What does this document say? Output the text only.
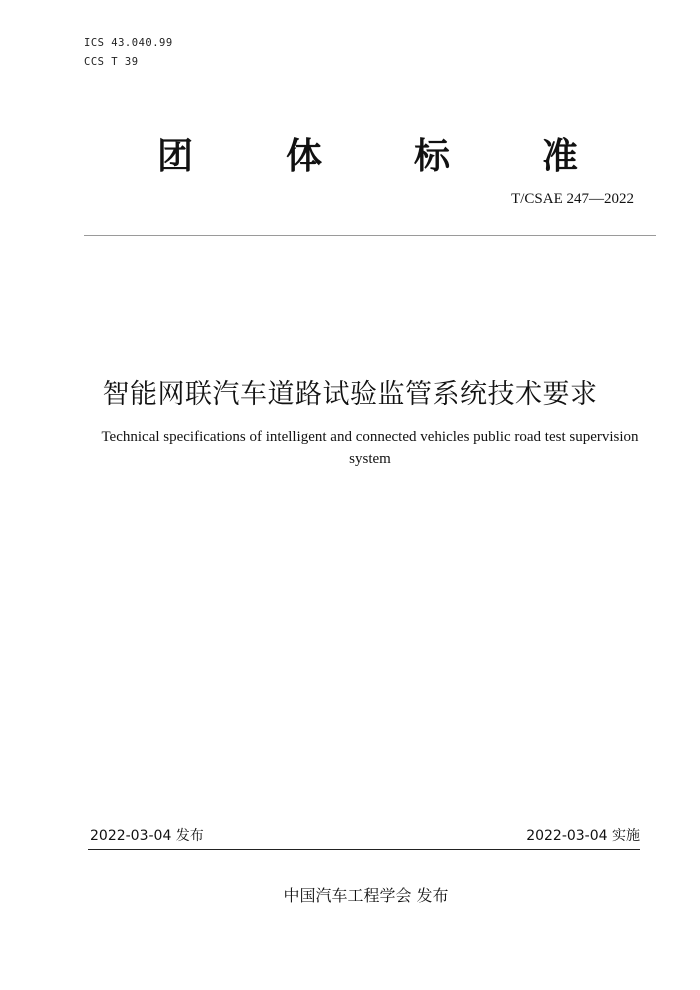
ICS 43.040.99
CCS T 39
团	体	标	准
T/CSAE 247—2022
智能网联汽车道路试验监管系统技术要求
Technical specifications of intelligent and connected vehicles public road test supervision system
2022-03-04 发布	2022-03-04 实施
中国汽车工程学会 发布
